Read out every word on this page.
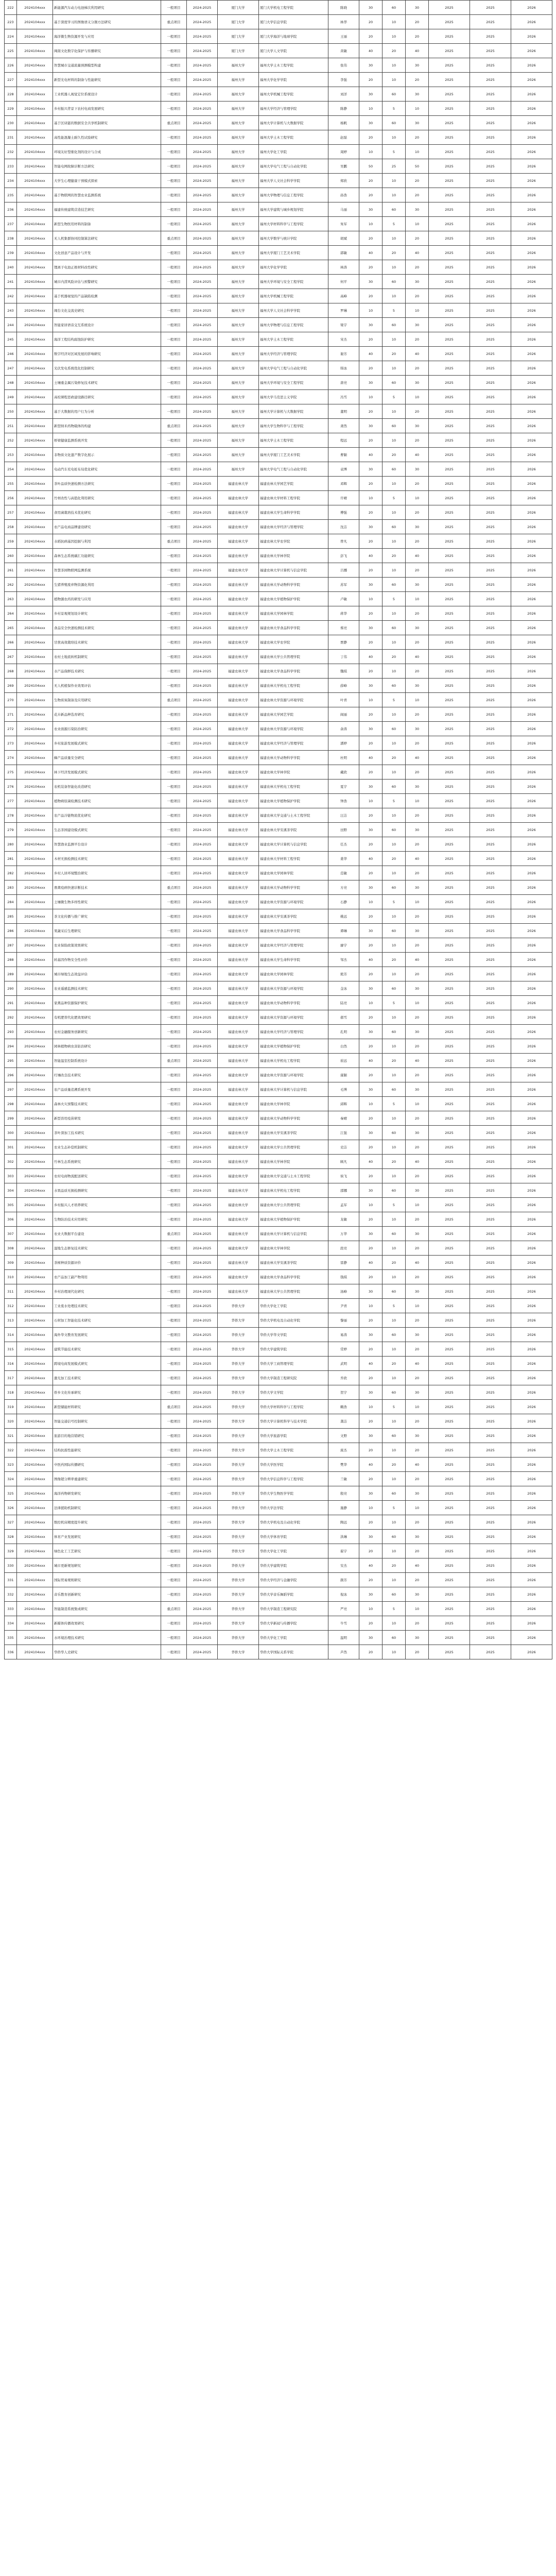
222	2024104xxx	新能源汽车动力电池梯次利用研究	一般项目	2024-2025	厦门大学	厦门大学机电工程学院	陈晓	30	60	30	2025	2025	2026
223	2024104xxx	基于深度学习的图像语义分割方法研究	重点项目	2024-2025	厦门大学	厦门大学信息学院	林华	20	10	20	2025	2025	2026
224	2024104xxx	海洋微生物资源开发与应用	一般项目	2024-2025	厦门大学	厦门大学海洋与地球学院	王丽	20	10	20	2025	2025	2026
225	2024104xxx	闽南文化数字化保护与传播研究	一般项目	2024-2025	厦门大学	厦门大学人文学院	黄敏	40	20	40	2025	2025	2026
226	2024104xxx	智慧城市交通流量预测模型构建	一般项目	2024-2025	福州大学	福州大学土木工程学院	张伟	30	10	30	2025	2025	2026
227	2024104xxx	新型光电材料的制备与性能研究	一般项目	2024-2025	福州大学	福州大学化学学院	李强	20	10	20	2025	2025	2026
228	2024104xxx	工业机器人视觉定位系统设计	一般项目	2024-2025	福州大学	福州大学机械工程学院	刘洋	30	60	30	2025	2025	2026
229	2024104xxx	乡村振兴背景下农村电商发展研究	一般项目	2024-2025	福州大学	福州大学经济与管理学院	陈静	10	5	10	2025	2025	2026
230	2024104xxx	基于区块链的数据安全共享机制研究	重点项目	2024-2025	福州大学	福州大学计算机与大数据学院	杨帆	30	60	30	2025	2025	2026
231	2024104xxx	高性能混凝土耐久性试验研究	一般项目	2024-2025	福州大学	福州大学土木工程学院	赵磊	20	10	20	2025	2025	2026
232	2024104xxx	环境友好型催化剂的设计与合成	一般项目	2024-2025	福州大学	福州大学化工学院	周婷	10	5	10	2025	2025	2026
233	2024104xxx	智能电网故障诊断方法研究	一般项目	2024-2025	福州大学	福州大学电气工程与自动化学院	吴鹏	50	25	50	2025	2025	2026
234	2024104xxx	大学生心理健康干预模式探索	一般项目	2024-2025	福州大学	福州大学人文社会科学学院	郑欣	20	10	20	2025	2025	2026
235	2024104xxx	基于物联网的智慧农业监测系统	一般项目	2024-2025	福州大学	福州大学物理与信息工程学院	孙浩	20	10	20	2025	2025	2026
236	2024104xxx	福建传统建筑营造技艺研究	一般项目	2024-2025	福州大学	福州大学建筑与城乡规划学院	马丽	30	60	30	2025	2025	2026
237	2024104xxx	新型生物医用材料的制备	一般项目	2024-2025	福州大学	福州大学材料科学与工程学院	朱军	10	5	10	2025	2025	2026
238	2024104xxx	无人机集群协同控制算法研究	重点项目	2024-2025	福州大学	福州大学数学与统计学院	胡斌	20	10	20	2025	2025	2026
239	2024104xxx	文化创意产品设计与开发	一般项目	2024-2025	福州大学	福州大学厦门工艺美术学院	郭敏	40	20	40	2025	2025	2026
240	2024104xxx	锂离子电池正极材料改性研究	一般项目	2024-2025	福州大学	福州大学化学学院	林涛	20	10	20	2025	2025	2026
241	2024104xxx	城市内涝风险评估与预警研究	一般项目	2024-2025	福州大学	福州大学环境与安全工程学院	何平	30	60	30	2025	2025	2026
242	2024104xxx	基于机器视觉的产品缺陷检测	一般项目	2024-2025	福州大学	福州大学机械工程学院	高峰	20	10	20	2025	2025	2026
243	2024104xxx	闽台文化交流史研究	一般项目	2024-2025	福州大学	福州大学人文社会科学学院	罗琳	10	5	10	2025	2025	2026
244	2024104xxx	智能家居语音交互系统设计	一般项目	2024-2025	福州大学	福州大学物理与信息工程学院	梁宇	30	60	30	2025	2025	2026
245	2024104xxx	海洋工程结构腐蚀防护研究	一般项目	2024-2025	福州大学	福州大学土木工程学院	宋杰	20	10	20	2025	2025	2026
246	2024104xxx	数字经济对区域发展的影响研究	一般项目	2024-2025	福州大学	福州大学经济与管理学院	谢芳	40	20	40	2025	2025	2026
247	2024104xxx	光伏发电系统优化控制研究	一般项目	2024-2025	福州大学	福州大学电气工程与自动化学院	韩冰	20	10	20	2025	2025	2026
248	2024104xxx	土壤重金属污染修复技术研究	一般项目	2024-2025	福州大学	福州大学环境与安全工程学院	唐亮	30	60	30	2025	2025	2026
249	2024104xxx	高校课程思政建设路径研究	一般项目	2024-2025	福州大学	福州大学马克思主义学院	冯雪	10	5	10	2025	2025	2026
250	2024104xxx	基于大数据的用户行为分析	一般项目	2024-2025	福州大学	福州大学计算机与大数据学院	董明	20	10	20	2025	2025	2026
251	2024104xxx	新型纳米药物载体的构建	重点项目	2024-2025	福州大学	福州大学生物科学与工程学院	萧然	30	60	30	2025	2025	2026
252	2024104xxx	桥梁健康监测系统开发	一般项目	2024-2025	福州大学	福州大学土木工程学院	程远	20	10	20	2025	2025	2026
253	2024104xxx	非物质文化遗产数字化展示	一般项目	2024-2025	福州大学	福州大学厦门工艺美术学院	曹颖	40	20	40	2025	2025	2026
254	2024104xxx	电动汽车充电桩布局优化研究	一般项目	2024-2025	福州大学	福州大学电气工程与自动化学院	袁博	30	60	30	2025	2025	2026
255	2024104xxx	茶叶品质快速检测方法研究	一般项目	2024-2025	福建农林大学	福建农林大学园艺学院	邓辉	20	10	20	2025	2025	2026
256	2024104xxx	竹材改性与高值化利用研究	一般项目	2024-2025	福建农林大学	福建农林大学材料工程学院	许晴	10	5	10	2025	2025	2026
257	2024104xxx	食用菌栽培技术优化研究	一般项目	2024-2025	福建农林大学	福建农林大学生命科学学院	傅强	20	10	20	2025	2025	2026
258	2024104xxx	农产品电商品牌建设研究	一般项目	2024-2025	福建农林大学	福建农林大学经济与管理学院	沈洁	30	60	30	2025	2025	2026
259	2024104xxx	水稻抗病基因挖掘与利用	重点项目	2024-2025	福建农林大学	福建农林大学农学院	曾凡	20	10	20	2025	2025	2026
260	2024104xxx	森林生态系统碳汇功能研究	一般项目	2024-2025	福建农林大学	福建农林大学林学院	彭飞	40	20	40	2025	2025	2026
261	2024104xxx	智慧茶园物联网监测系统	一般项目	2024-2025	福建农林大学	福建农林大学计算机与信息学院	吕娜	20	10	20	2025	2025	2026
262	2024104xxx	生猪养殖废弃物资源化利用	一般项目	2024-2025	福建农林大学	福建农林大学动物科学学院	苏军	30	60	30	2025	2025	2026
263	2024104xxx	植物源农药的研发与应用	一般项目	2024-2025	福建农林大学	福建农林大学植物保护学院	卢敏	10	5	10	2025	2025	2026
264	2024104xxx	乡村景观规划设计研究	一般项目	2024-2025	福建农林大学	福建农林大学园林学院	蒋华	20	10	20	2025	2025	2026
265	2024104xxx	食品安全快速检测技术研究	一般项目	2024-2025	福建农林大学	福建农林大学食品科学学院	蔡亮	30	60	30	2025	2025	2026
266	2024104xxx	甘蔗高效栽培技术研究	一般项目	2024-2025	福建农林大学	福建农林大学农学院	贾静	20	10	20	2025	2025	2026
267	2024104xxx	农村土地流转机制研究	一般项目	2024-2025	福建农林大学	福建农林大学公共管理学院	丁伟	40	20	40	2025	2025	2026
268	2024104xxx	水产品保鲜技术研究	一般项目	2024-2025	福建农林大学	福建农林大学食品科学学院	魏琪	20	10	20	2025	2025	2026
269	2024104xxx	无人机植保作业效果评估	一般项目	2024-2025	福建农林大学	福建农林大学机电工程学院	薛峰	30	60	30	2025	2025	2026
270	2024104xxx	生物质炭制备及应用研究	重点项目	2024-2025	福建农林大学	福建农林大学资源与环境学院	叶青	10	5	10	2025	2025	2026
271	2024104xxx	花卉新品种选育研究	一般项目	2024-2025	福建农林大学	福建农林大学园艺学院	阎丽	20	10	20	2025	2025	2026
272	2024104xxx	农业面源污染防治研究	一般项目	2024-2025	福建农林大学	福建农林大学资源与环境学院	余涛	30	60	30	2025	2025	2026
273	2024104xxx	乡村旅游发展模式研究	一般项目	2024-2025	福建农林大学	福建农林大学经济与管理学院	潘婷	20	10	20	2025	2025	2026
274	2024104xxx	蜂产品质量安全研究	一般项目	2024-2025	福建农林大学	福建农林大学动物科学学院	杜明	40	20	40	2025	2025	2026
275	2024104xxx	林下经济发展模式研究	一般项目	2024-2025	福建农林大学	福建农林大学林学院	戴欣	20	10	20	2025	2025	2026
276	2024104xxx	农机装备智能化改造研究	一般项目	2024-2025	福建农林大学	福建农林大学机电工程学院	夏宇	30	60	30	2025	2025	2026
277	2024104xxx	植物病原菌检测技术研究	一般项目	2024-2025	福建农林大学	福建农林大学植物保护学院	钟浩	10	5	10	2025	2025	2026
278	2024104xxx	农产品冷链物流优化研究	一般项目	2024-2025	福建农林大学	福建农林大学交通与土木工程学院	汪洁	20	10	20	2025	2025	2026
279	2024104xxx	生态茶园建设模式研究	一般项目	2024-2025	福建农林大学	福建农林大学安溪茶学院	田野	30	60	30	2025	2025	2026
280	2024104xxx	智慧渔业监测平台设计	一般项目	2024-2025	福建农林大学	福建农林大学计算机与信息学院	任杰	20	10	20	2025	2025	2026
281	2024104xxx	木材无损检测技术研究	一般项目	2024-2025	福建农林大学	福建农林大学材料工程学院	姜华	40	20	40	2025	2025	2026
282	2024104xxx	乡村人居环境整治研究	一般项目	2024-2025	福建农林大学	福建农林大学园林学院	范敏	20	10	20	2025	2025	2026
283	2024104xxx	畜禽疫病快速诊断技术	重点项目	2024-2025	福建农林大学	福建农林大学动物科学学院	方亮	30	60	30	2025	2025	2026
284	2024104xxx	土壤微生物多样性研究	一般项目	2024-2025	福建农林大学	福建农林大学资源与环境学院	石静	10	5	10	2025	2025	2026
285	2024104xxx	茶文化传播与推广研究	一般项目	2024-2025	福建农林大学	福建农林大学安溪茶学院	姚远	20	10	20	2025	2025	2026
286	2024104xxx	果蔬采后生理研究	一般项目	2024-2025	福建农林大学	福建农林大学食品科学学院	谭琳	30	60	30	2025	2025	2026
287	2024104xxx	农业保险政策效果研究	一般项目	2024-2025	福建农林大学	福建农林大学经济与管理学院	廖宇	20	10	20	2025	2025	2026
288	2024104xxx	转基因作物安全性评价	一般项目	2024-2025	福建农林大学	福建农林大学生命科学学院	邹杰	40	20	40	2025	2025	2026
289	2024104xxx	城市绿地生态效益评估	一般项目	2024-2025	福建农林大学	福建农林大学园林学院	熊芳	20	10	20	2025	2025	2026
290	2024104xxx	农业遥感监测技术研究	一般项目	2024-2025	福建农林大学	福建农林大学资源与环境学院	金冰	30	60	30	2025	2025	2026
291	2024104xxx	家禽品种资源保护研究	一般项目	2024-2025	福建农林大学	福建农林大学动物科学学院	陆亮	10	5	10	2025	2025	2026
292	2024104xxx	有机肥替代化肥效果研究	一般项目	2024-2025	福建农林大学	福建农林大学资源与环境学院	郝雪	20	10	20	2025	2025	2026
293	2024104xxx	农村金融服务创新研究	一般项目	2024-2025	福建农林大学	福建农林大学经济与管理学院	孔明	30	60	30	2025	2025	2026
294	2024104xxx	园林植物病虫害防治研究	一般项目	2024-2025	福建农林大学	福建农林大学植物保护学院	白然	20	10	20	2025	2025	2026
295	2024104xxx	智能温室控制系统设计	重点项目	2024-2025	福建农林大学	福建农林大学机电工程学院	崔远	40	20	40	2025	2025	2026
296	2024104xxx	红壤改良技术研究	一般项目	2024-2025	福建农林大学	福建农林大学资源与环境学院	康颖	20	10	20	2025	2025	2026
297	2024104xxx	农产品质量追溯系统开发	一般项目	2024-2025	福建农林大学	福建农林大学计算机与信息学院	毛博	30	60	30	2025	2025	2026
298	2024104xxx	森林火灾预警技术研究	一般项目	2024-2025	福建农林大学	福建农林大学林学院	邱辉	10	5	10	2025	2025	2026
299	2024104xxx	新型兽用疫苗研发	一般项目	2024-2025	福建农林大学	福建农林大学动物科学学院	秦晴	20	10	20	2025	2025	2026
300	2024104xxx	茶叶深加工技术研究	一般项目	2024-2025	福建农林大学	福建农林大学安溪茶学院	江强	30	60	30	2025	2025	2026
301	2024104xxx	农业生态补偿机制研究	一般项目	2024-2025	福建农林大学	福建农林大学公共管理学院	史洁	20	10	20	2025	2025	2026
302	2024104xxx	竹林生态系统研究	一般项目	2024-2025	福建农林大学	福建农林大学林学院	顾凡	40	20	40	2025	2025	2026
303	2024104xxx	农村电商物流配送研究	一般项目	2024-2025	福建农林大学	福建农林大学交通与土木工程学院	侯飞	20	10	20	2025	2025	2026
304	2024104xxx	水果品质无损检测研究	一般项目	2024-2025	福建农林大学	福建农林大学机电工程学院	邵娜	30	60	30	2025	2025	2026
305	2024104xxx	乡村振兴人才培养研究	一般项目	2024-2025	福建农林大学	福建农林大学公共管理学院	孟军	10	5	10	2025	2025	2026
306	2024104xxx	生物防治技术应用研究	一般项目	2024-2025	福建农林大学	福建农林大学植物保护学院	龙敏	20	10	20	2025	2025	2026
307	2024104xxx	农业大数据平台建设	重点项目	2024-2025	福建农林大学	福建农林大学计算机与信息学院	万华	30	60	30	2025	2025	2026
308	2024104xxx	湿地生态修复技术研究	一般项目	2024-2025	福建农林大学	福建农林大学林学院	段亮	20	10	20	2025	2025	2026
309	2024104xxx	茶树种质资源评价	一般项目	2024-2025	福建农林大学	福建农林大学安溪茶学院	雷静	40	20	40	2025	2025	2026
310	2024104xxx	农产品加工副产物利用	一般项目	2024-2025	福建农林大学	福建农林大学食品科学学院	钱琪	20	10	20	2025	2025	2026
311	2024104xxx	乡村治理现代化研究	一般项目	2024-2025	福建农林大学	福建农林大学公共管理学院	汤峰	30	60	30	2025	2025	2026
312	2024104xxx	工业废水处理技术研究	一般项目	2024-2025	华侨大学	华侨大学化工学院	尹青	10	5	10	2025	2025	2026
313	2024104xxx	石材加工智能化技术研究	一般项目	2024-2025	华侨大学	华侨大学机电及自动化学院	黎丽	20	10	20	2025	2025	2026
314	2024104xxx	海外华文教育发展研究	一般项目	2024-2025	华侨大学	华侨大学华文学院	易涛	30	60	30	2025	2025	2026
315	2024104xxx	建筑节能技术研究	一般项目	2024-2025	华侨大学	华侨大学建筑学院	常婷	20	10	20	2025	2025	2026
316	2024104xxx	跨境电商发展模式研究	一般项目	2024-2025	华侨大学	华侨大学工商管理学院	武明	40	20	40	2025	2025	2026
317	2024104xxx	激光加工技术研究	一般项目	2024-2025	华侨大学	华侨大学制造工程研究院	乔欣	20	10	20	2025	2025	2026
318	2024104xxx	侨乡文化传承研究	一般项目	2024-2025	华侨大学	华侨大学文学院	贺宇	30	60	30	2025	2025	2026
319	2024104xxx	新型储能材料研究	重点项目	2024-2025	华侨大学	华侨大学材料科学与工程学院	赖浩	10	5	10	2025	2025	2026
320	2024104xxx	智能交通信号控制研究	一般项目	2024-2025	华侨大学	华侨大学计算机科学与技术学院	龚洁	20	10	20	2025	2025	2026
321	2024104xxx	旅游目的地营销研究	一般项目	2024-2025	华侨大学	华侨大学旅游学院	文野	30	60	30	2025	2025	2026
322	2024104xxx	结构抗震性能研究	一般项目	2024-2025	华侨大学	华侨大学土木工程学院	庞杰	20	10	20	2025	2025	2026
323	2024104xxx	中医药国际传播研究	一般项目	2024-2025	华侨大学	华侨大学医学院	樊华	40	20	40	2025	2025	2026
324	2024104xxx	图像超分辨率重建研究	一般项目	2024-2025	华侨大学	华侨大学信息科学与工程学院	兰敏	20	10	20	2025	2025	2026
325	2024104xxx	海洋药物研发研究	一般项目	2024-2025	华侨大学	华侨大学生物医学学院	殷亮	30	60	30	2025	2025	2026
326	2024104xxx	法律援助机制研究	一般项目	2024-2025	华侨大学	华侨大学法学院	施静	10	5	10	2025	2025	2026
327	2024104xxx	数控机床精度提升研究	一般项目	2024-2025	华侨大学	华侨大学机电及自动化学院	陶远	20	10	20	2025	2025	2026
328	2024104xxx	体育产业发展研究	一般项目	2024-2025	华侨大学	华侨大学体育学院	洪琳	30	60	30	2025	2025	2026
329	2024104xxx	绿色化工工艺研究	一般项目	2024-2025	华侨大学	华侨大学化工学院	翟宇	20	10	20	2025	2025	2026
330	2024104xxx	城市更新规划研究	一般项目	2024-2025	华侨大学	华侨大学建筑学院	安杰	40	20	40	2025	2025	2026
331	2024104xxx	国际贸易规则研究	一般项目	2024-2025	华侨大学	华侨大学经济与金融学院	颜芳	20	10	20	2025	2025	2026
332	2024104xxx	音乐教育创新研究	一般项目	2024-2025	华侨大学	华侨大学音乐舞蹈学院	倪冰	30	60	30	2025	2025	2026
333	2024104xxx	智能制造系统集成研究	重点项目	2024-2025	华侨大学	华侨大学制造工程研究院	严亮	10	5	10	2025	2025	2026
334	2024104xxx	新媒体传播效果研究	一般项目	2024-2025	华侨大学	华侨大学新闻与传播学院	牛雪	20	10	20	2025	2025	2026
335	2024104xxx	水环境治理技术研究	一般项目	2024-2025	华侨大学	华侨大学化工学院	温明	30	60	30	2025	2025	2026
336	2024104xxx	华侨华人史研究	一般项目	2024-2025	华侨大学	华侨大学国际关系学院	芦然	20	10	20	2025	2025	2026
